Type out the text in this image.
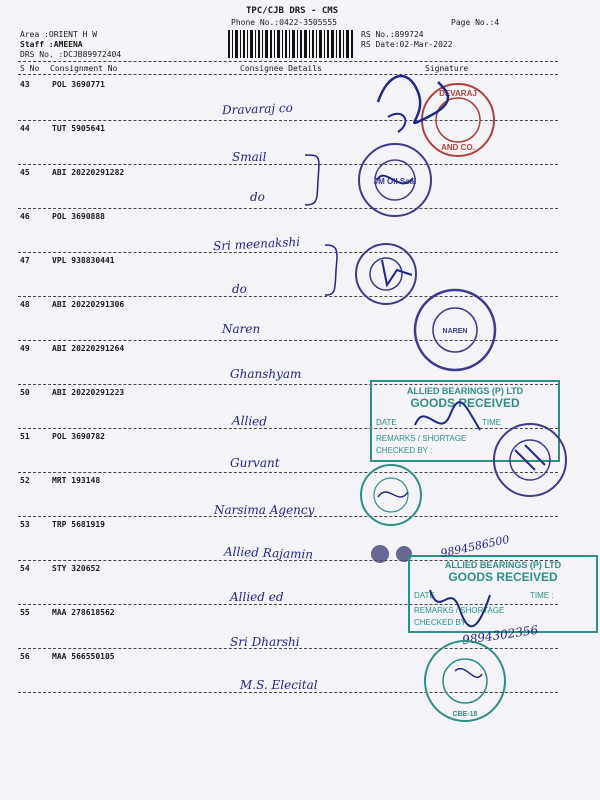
TPC/CJB DRS - CMS
Phone No.:0422-3505555	Page No.:4
Area :ORIENT H W
Staff :AMEENA
DRS No. :DCJB89972404
RS No.:899724
RS Date:02-Mar-2022
S No Consignment No	Consignee Details	Signature
43	POL 3690771
Dravaraj co
44	TUT 5905641
Smail
45	ABI 20220291282
do
46	POL 3690888
Sri meenakshi
47	VPL 938830441
do
48	ABI 20220291306
Naren
49	ABI 20220291264
Ghanshyam
50	ABI 20220291223
Allied
51	POL 3690782
Gurvant
52	MRT 193148
Narsima Agency
53	TRP 5681919
Allied Rajamin
54	STY 320652
Allied ed
55	MAA 278618562
Sri Dharshi
56	MAA 566550105
M.S. Elecital
DEVARAJ
AND CO.
JM Oil Seal
NAREN
ALLIED BEARINGS (P) LTD
GOODS RECEIVED
DATE	TIME
REMARKS / SHORTAGE
CHECKED BY :
ALLIED BEARINGS (P) LTD
GOODS RECEIVED
DATE	TIME :
REMARKS / SHORTAGE
CHECKED BY :
9894586500
9894302356
CBE-18
